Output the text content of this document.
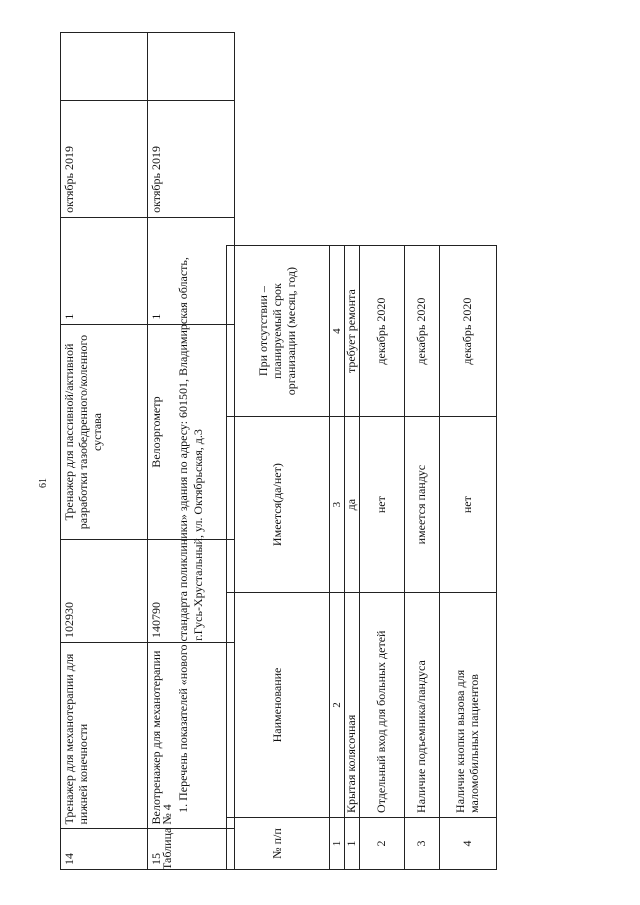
61
14	Тренажер для механотерапии для нижней конечности	102930	Тренажер для пассивной/активной разработки тазобедренного/коленного сустава	1	октябрь 2019	
15	Велотренажер для механотерапии	140790	Велоэргометр	1	октябрь 2019	
Таблица № 4
1. Перечень показателей «нового стандарта поликлиники» здания по адресу: 601501, Владимирская область, г.Гусь-Хрустальный, ул. Октябрьская, д.3
№ п/п	Наименование	Имеется(да/нет)	При отсутствии – планируемый срок организации (месяц, год)
1	2	3	4
1	Крытая колясочная	да	требует ремонта
2	Отдельный вход для больных детей	нет	декабрь 2020
3	Наличие подъемника/пандуса	имеется пандус	декабрь 2020
4	Наличие кнопки вызова для маломобильных пациентов	нет	декабрь 2020
